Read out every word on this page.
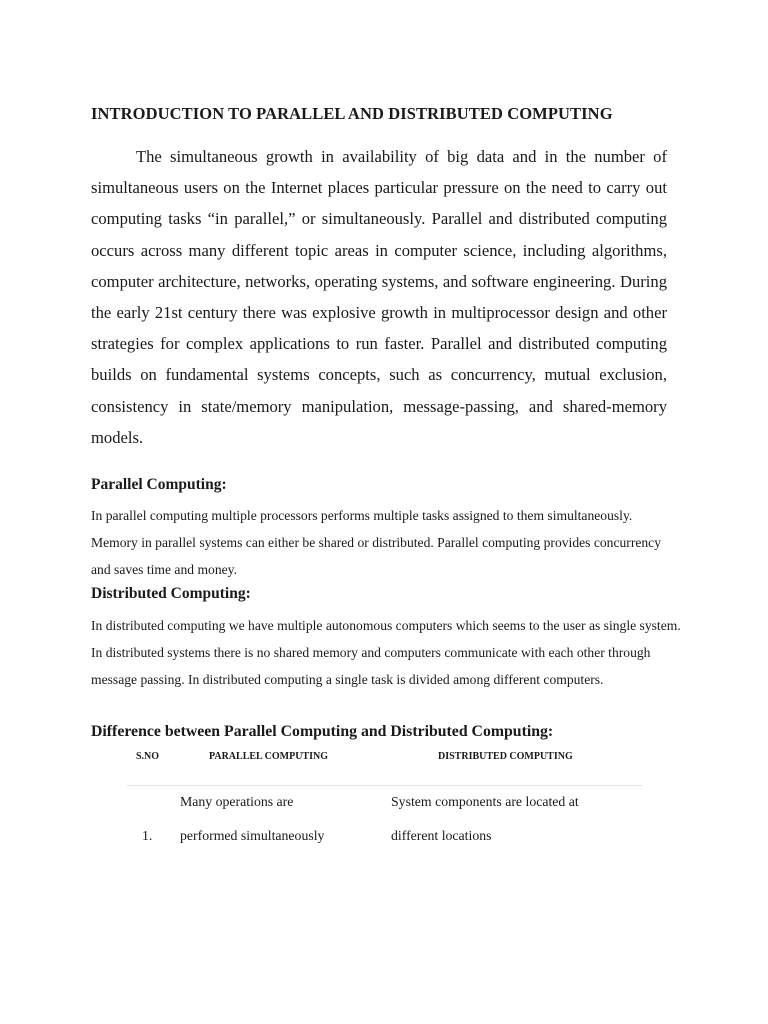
INTRODUCTION TO PARALLEL AND DISTRIBUTED COMPUTING

The simultaneous growth in availability of big data and in the number of simultaneous users on the Internet places particular pressure on the need to carry out computing tasks “in parallel,” or simultaneously. Parallel and distributed computing occurs across many different topic areas in computer science, including algorithms, computer architecture, networks, operating systems, and software engineering. During the early 21st century there was explosive growth in multiprocessor design and other strategies for complex applications to run faster. Parallel and distributed computing builds on fundamental systems concepts, such as concurrency, mutual exclusion, consistency in state/memory manipulation, message-passing, and shared-memory models.

Parallel Computing:

In parallel computing multiple processors performs multiple tasks assigned to them simultaneously. Memory in parallel systems can either be shared or distributed. Parallel computing provides concurrency and saves time and money.

Distributed Computing:

In distributed computing we have multiple autonomous computers which seems to the user as single system. In distributed systems there is no shared memory and computers communicate with each other through message passing. In distributed computing a single task is divided among different computers.

Difference between Parallel Computing and Distributed Computing:
S.NO	PARALLEL COMPUTING	DISTRIBUTED COMPUTING
1.
Many operations are
performed simultaneously
System components are located at
different locations
